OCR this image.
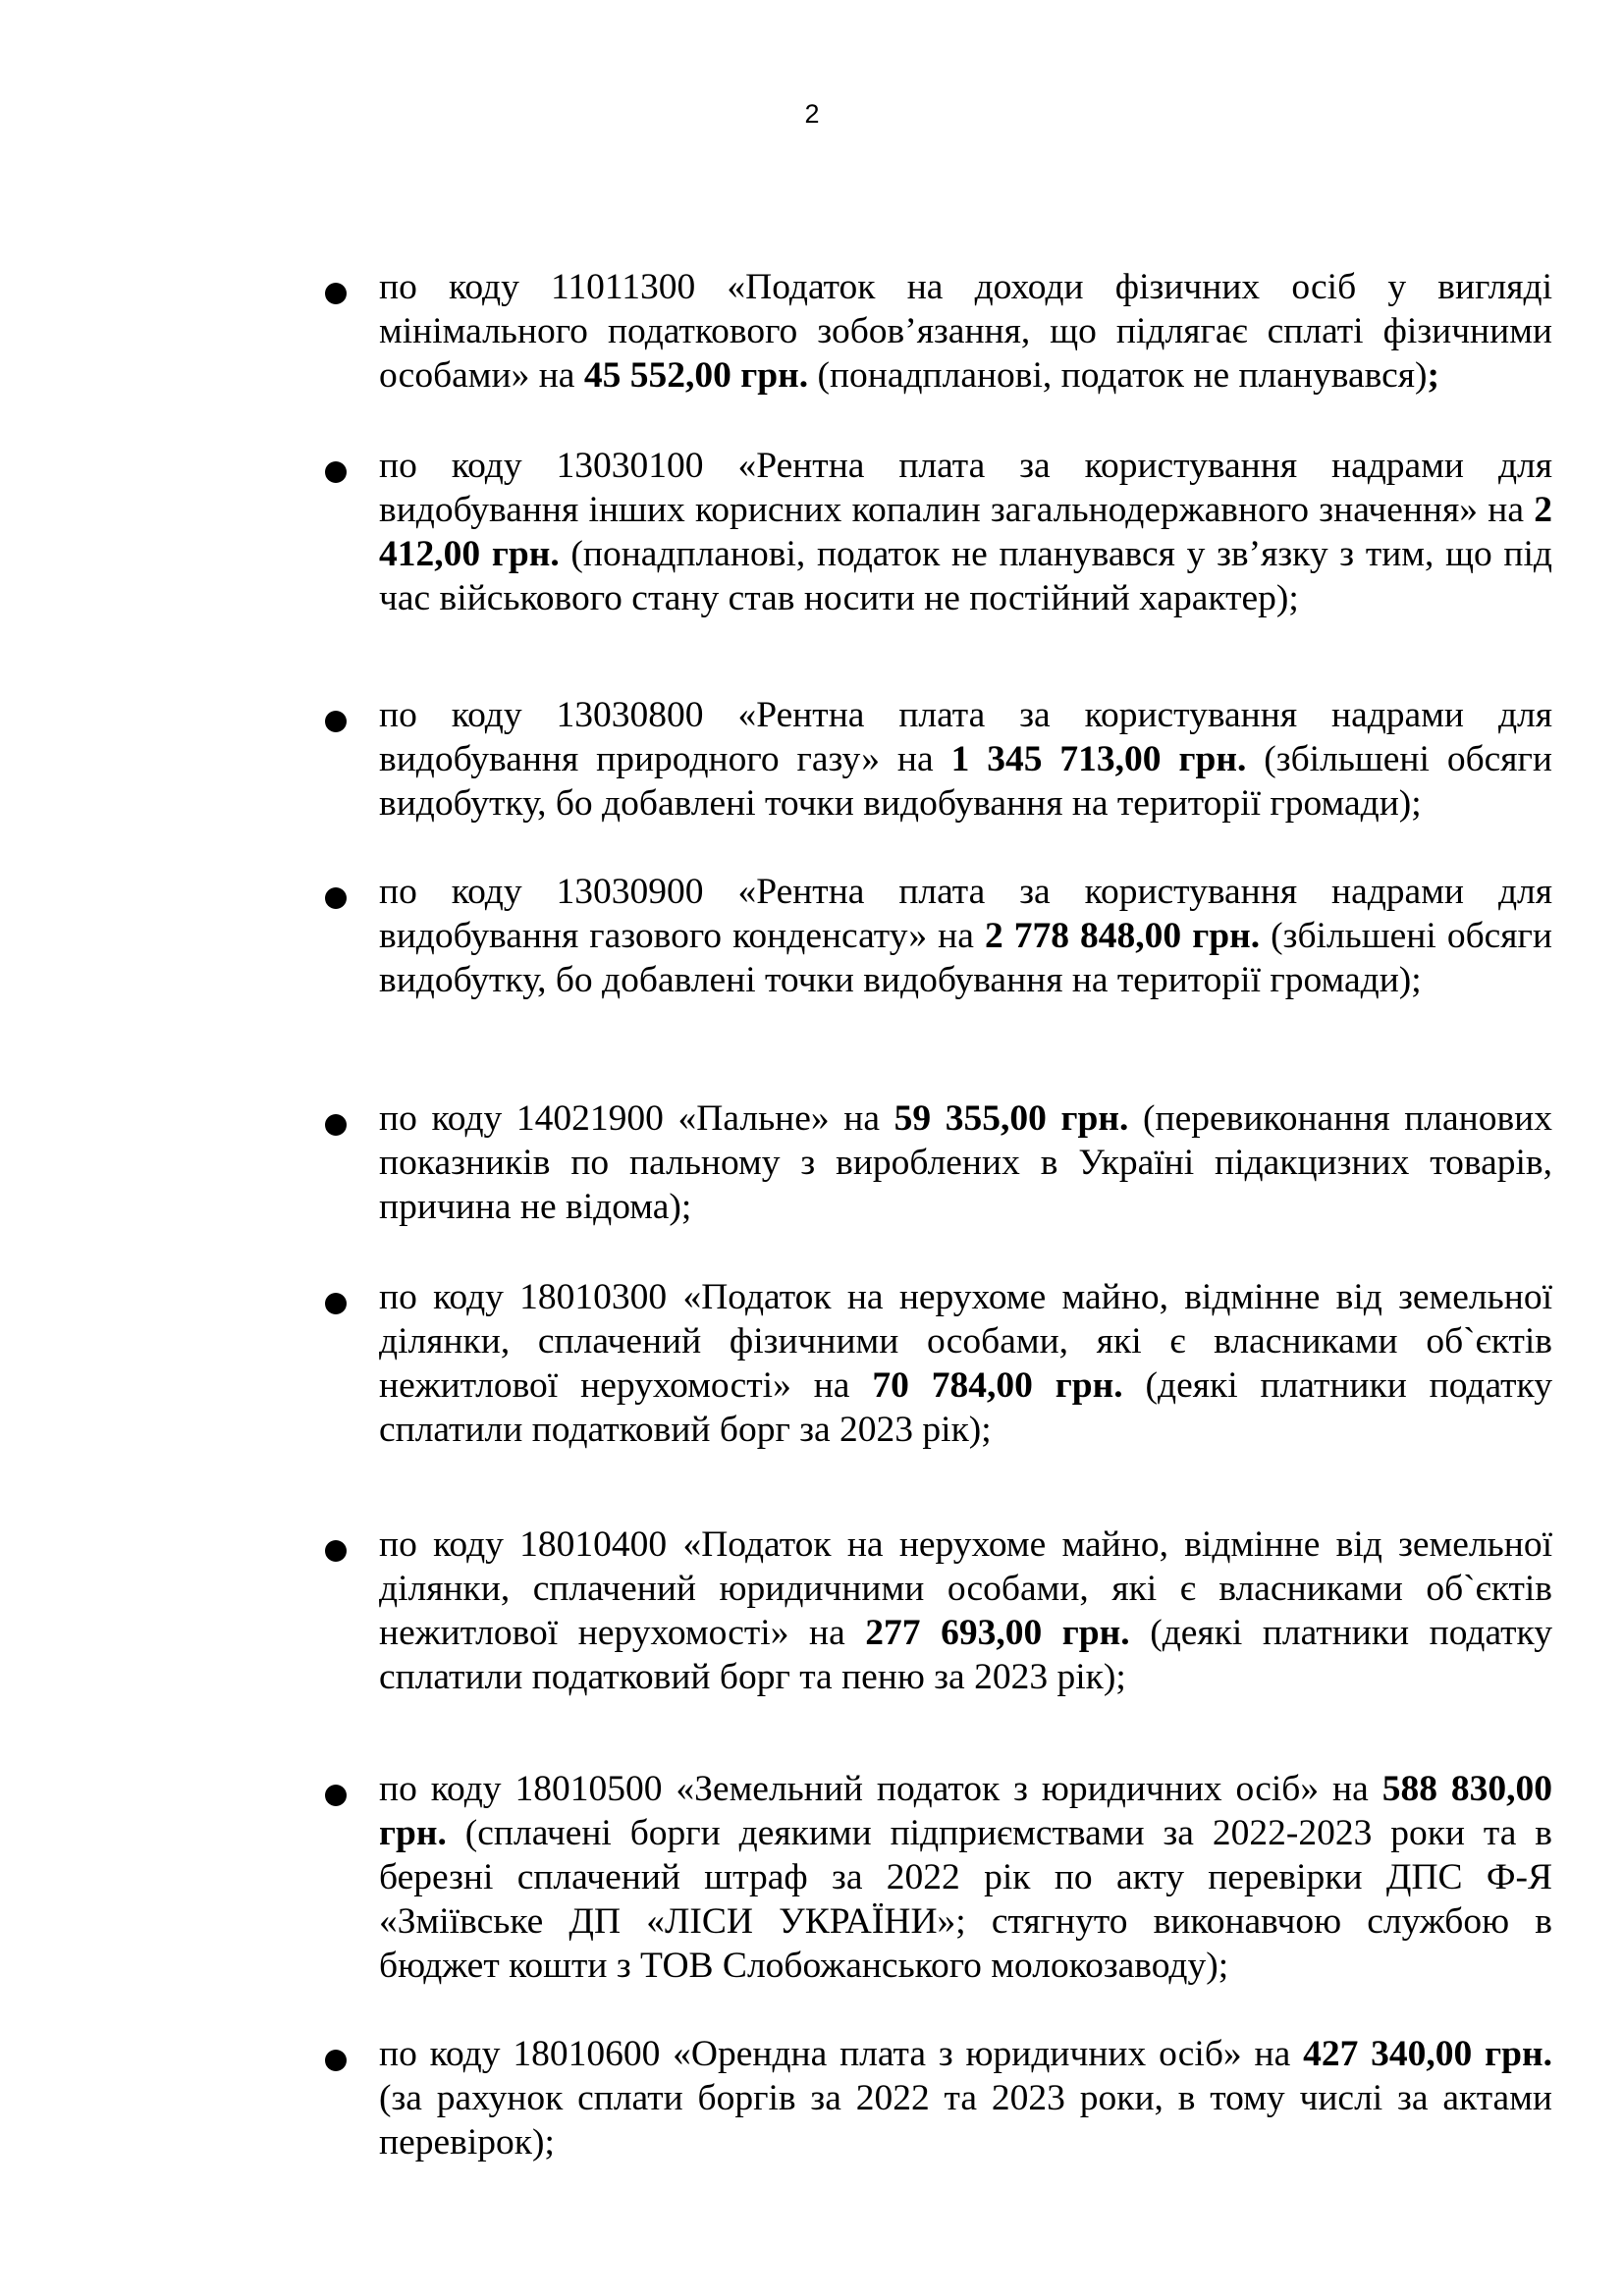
2
по коду 11011300 «Податок на доходи фізичних осіб у вигляді мінімального податкового зобов’язання, що підлягає сплаті фізичними особами» на 45 552,00 грн. (понадпланові, податок не планувався);
по коду 13030100 «Рентна плата за користування надрами для видобування інших корисних копалин загальнодержавного значення» на 2 412,00 грн. (понадпланові, податок не планувався у зв’язку з тим, що під час військового стану став носити не постійний характер);
по коду 13030800 «Рентна плата за користування надрами для видобування природного газу» на 1 345 713,00 грн. (збільшені обсяги видобутку, бо добавлені точки видобування на території громади);
по коду 13030900 «Рентна плата за користування надрами для видобування газового конденсату» на 2 778 848,00 грн. (збільшені обсяги видобутку, бо добавлені точки видобування на території громади);
по коду 14021900 «Пальне» на 59 355,00 грн. (перевиконання планових показників по пальному з вироблених в Україні підакцизних товарів, причина не відома);
по коду 18010300 «Податок на нерухоме майно, відмінне від земельної ділянки, сплачений фізичними особами, які є власниками об`єктів нежитлової нерухомості» на 70 784,00 грн. (деякі платники податку сплатили податковий борг за 2023 рік);
по коду 18010400 «Податок на нерухоме майно, відмінне від земельної ділянки, сплачений юридичними особами, які є власниками об`єктів нежитлової нерухомості» на 277 693,00 грн. (деякі платники податку сплатили податковий борг та пеню за 2023 рік);
по коду 18010500 «Земельний податок з юридичних осіб» на 588 830,00 грн. (сплачені борги деякими підприємствами за 2022-2023 роки та в березні сплачений штраф за 2022 рік по акту перевірки ДПС Ф-Я «Зміївське ДП «ЛІСИ УКРАЇНИ»; стягнуто виконавчою службою в бюджет кошти з ТОВ Слобожанського молокозаводу);
по коду 18010600 «Орендна плата з юридичних осіб» на 427 340,00 грн. (за рахунок сплати боргів за 2022 та 2023 роки, в тому числі за актами перевірок);
